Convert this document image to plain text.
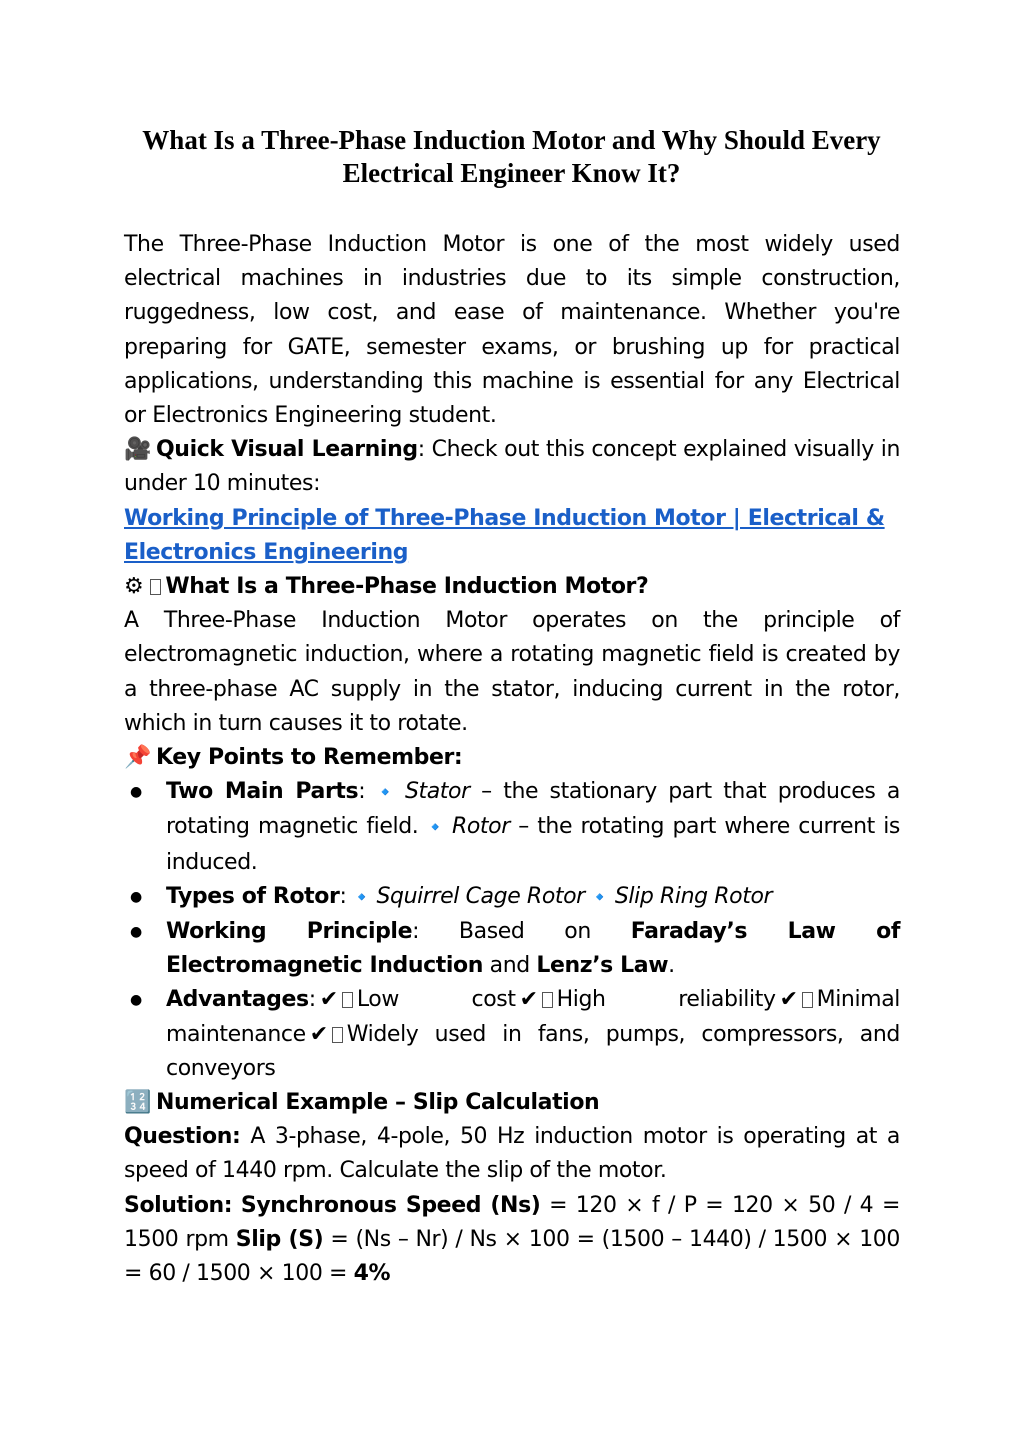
What Is a Three-Phase Induction Motor and Why Should Every Electrical Engineer Know It?

The Three-Phase Induction Motor is one of the most widely used electrical machines in industries due to its simple construction, ruggedness, low cost, and ease of maintenance. Whether you're preparing for GATE, semester exams, or brushing up for practical applications, understanding this machine is essential for any Electrical or Electronics Engineering student.

🎥 Quick Visual Learning: Check out this concept explained visually in under 10 minutes:

Working Principle of Three-Phase Induction Motor | Electrical & Electronics Engineering

⚙ What Is a Three-Phase Induction Motor?

A Three-Phase Induction Motor operates on the principle of electromagnetic induction, where a rotating magnetic field is created by a three-phase AC supply in the stator, inducing current in the rotor, which in turn causes it to rotate.

📌 Key Points to Remember:

● Two Main Parts: 🔹 Stator – the stationary part that produces a rotating magnetic field. 🔹 Rotor – the rotating part where current is induced.
● Types of Rotor: 🔹 Squirrel Cage Rotor 🔹 Slip Ring Rotor
● Working Principle: Based on Faraday’s Law of Electromagnetic Induction and Lenz’s Law.
● Advantages: ✔ Low cost ✔ High reliability ✔ Minimal maintenance ✔ Widely used in fans, pumps, compressors, and conveyors

🔢 Numerical Example – Slip Calculation

Question: A 3-phase, 4-pole, 50 Hz induction motor is operating at a speed of 1440 rpm. Calculate the slip of the motor.

Solution: Synchronous Speed (Ns) = 120 × f / P = 120 × 50 / 4 = 1500 rpm Slip (S) = (Ns – Nr) / Ns × 100 = (1500 – 1440) / 1500 × 100 = 60 / 1500 × 100 = 4%
